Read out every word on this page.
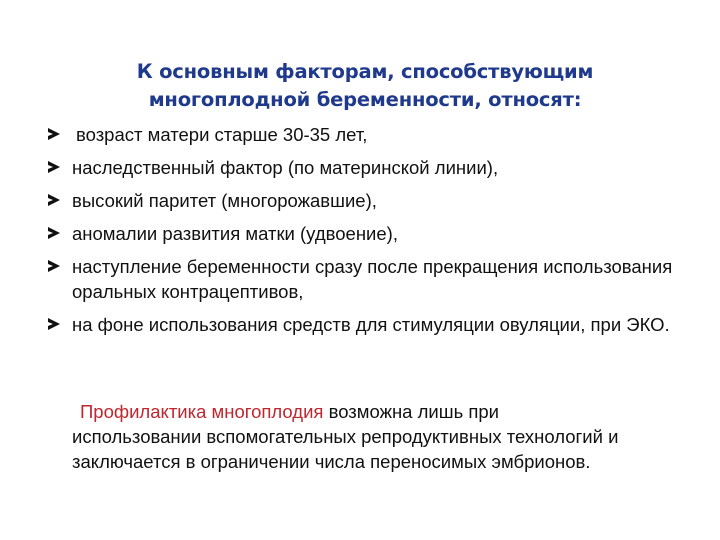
К основным факторам, способствующим
многоплодной беременности, относят:
возраст матери старше 30-35 лет,
наследственный фактор (по материнской линии),
высокий паритет (многорожавшие),
аномалии развития матки (удвоение),
наступление беременности сразу после прекращения использования оральных контрацептивов,
на фоне использования средств для стимуляции овуляции, при ЭКО.

Профилактика многоплодия возможна лишь при использовании вспомогательных репродуктивных технологий и заключается в ограничении числа переносимых эмбрионов.
